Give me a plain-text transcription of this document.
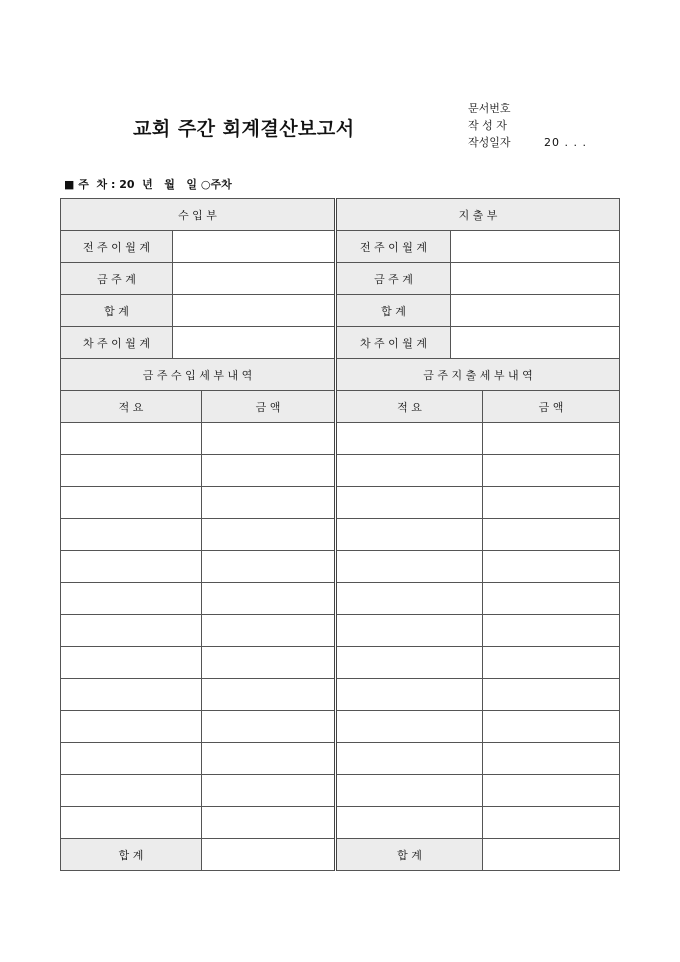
교회 주간 회계결산보고서
문서번호
작 성 자
작성일자	20 . . .
■ 주  차 : 20  년   월   일 ○주차
수 입 부			지 출 부		
전 주 이 월 계			전 주 이 월 계		
금 주 계			금 주 계		
합 계			합 계		
차 주 이 월 계			차 주 이 월 계		
금 주 수 입 세 부 내 역			금 주 지 출 세 부 내 역		
적 요		금 액	적 요		금 액

합 계			합 계		
